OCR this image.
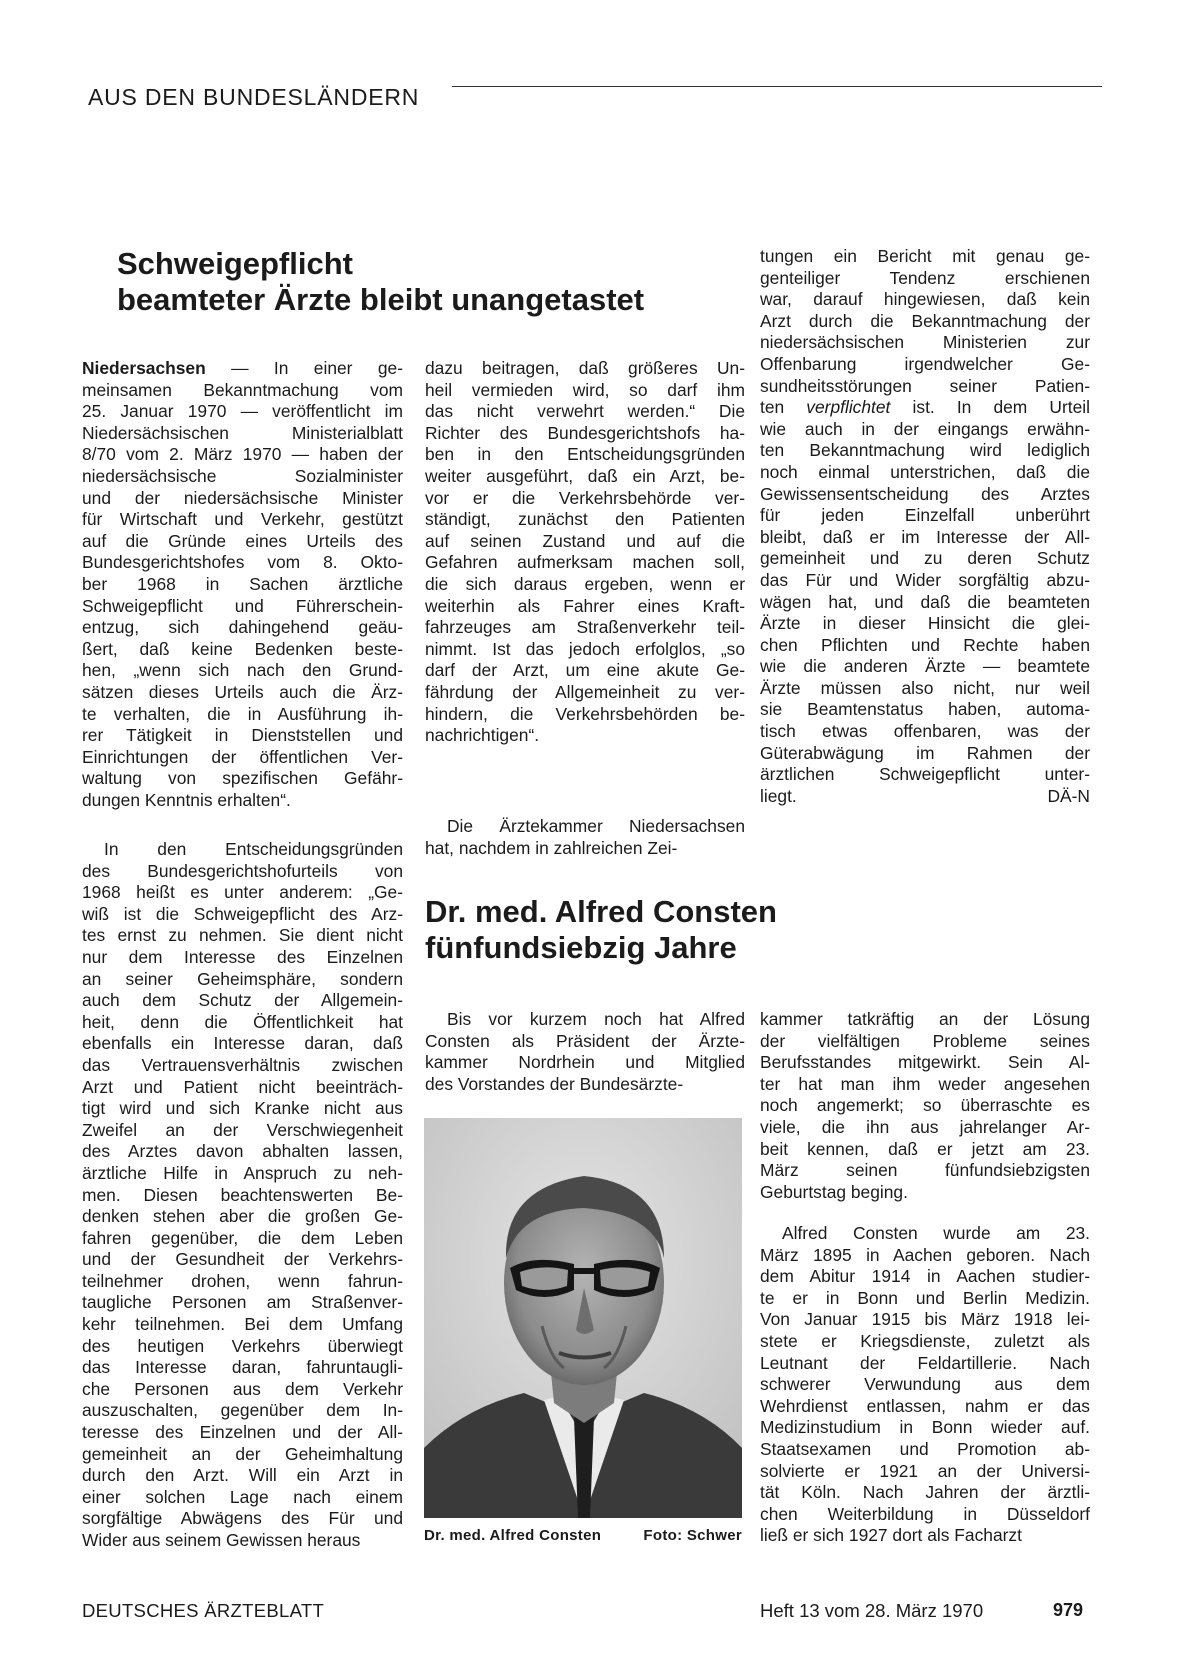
AUS DEN BUNDESLÄNDERN
Schweigepflicht
beamteter Ärzte bleibt unangetastet
Niedersachsen — In einer ge-
meinsamen Bekanntmachung vom
25. Januar 1970 — veröffentlicht im
Niedersächsischen Ministerialblatt
8/70 vom 2. März 1970 — haben der
niedersächsische Sozialminister
und der niedersächsische Minister
für Wirtschaft und Verkehr, gestützt
auf die Gründe eines Urteils des
Bundesgerichtshofes vom 8. Okto-
ber 1968 in Sachen ärztliche
Schweigepflicht und Führerschein-
entzug, sich dahingehend geäu-
ßert, daß keine Bedenken beste-
hen, „wenn sich nach den Grund-
sätzen dieses Urteils auch die Ärz-
te verhalten, die in Ausführung ih-
rer Tätigkeit in Dienststellen und
Einrichtungen der öffentlichen Ver-
waltung von spezifischen Gefähr-
dungen Kenntnis erhalten“.
In den Entscheidungsgründen
des Bundesgerichtshofurteils von
1968 heißt es unter anderem: „Ge-
wiß ist die Schweigepflicht des Arz-
tes ernst zu nehmen. Sie dient nicht
nur dem Interesse des Einzelnen
an seiner Geheimsphäre, sondern
auch dem Schutz der Allgemein-
heit, denn die Öffentlichkeit hat
ebenfalls ein Interesse daran, daß
das Vertrauensverhältnis zwischen
Arzt und Patient nicht beeinträch-
tigt wird und sich Kranke nicht aus
Zweifel an der Verschwiegenheit
des Arztes davon abhalten lassen,
ärztliche Hilfe in Anspruch zu neh-
men. Diesen beachtenswerten Be-
denken stehen aber die großen Ge-
fahren gegenüber, die dem Leben
und der Gesundheit der Verkehrs-
teilnehmer drohen, wenn fahrun-
taugliche Personen am Straßenver-
kehr teilnehmen. Bei dem Umfang
des heutigen Verkehrs überwiegt
das Interesse daran, fahruntaugli-
che Personen aus dem Verkehr
auszuschalten, gegenüber dem In-
teresse des Einzelnen und der All-
gemeinheit an der Geheimhaltung
durch den Arzt. Will ein Arzt in
einer solchen Lage nach einem
sorgfältige Abwägens des Für und
Wider aus seinem Gewissen heraus
dazu beitragen, daß größeres Un-
heil vermieden wird, so darf ihm
das nicht verwehrt werden.“ Die
Richter des Bundesgerichtshofs ha-
ben in den Entscheidungsgründen
weiter ausgeführt, daß ein Arzt, be-
vor er die Verkehrsbehörde ver-
ständigt, zunächst den Patienten
auf seinen Zustand und auf die
Gefahren aufmerksam machen soll,
die sich daraus ergeben, wenn er
weiterhin als Fahrer eines Kraft-
fahrzeuges am Straßenverkehr teil-
nimmt. Ist das jedoch erfolglos, „so
darf der Arzt, um eine akute Ge-
fährdung der Allgemeinheit zu ver-
hindern, die Verkehrsbehörden be-
nachrichtigen“.
Die Ärztekammer Niedersachsen
hat, nachdem in zahlreichen Zei-
tungen ein Bericht mit genau ge-
genteiliger Tendenz erschienen
war, darauf hingewiesen, daß kein
Arzt durch die Bekanntmachung der
niedersächsischen Ministerien zur
Offenbarung irgendwelcher Ge-
sundheitsstörungen seiner Patien-
ten verpflichtet ist. In dem Urteil
wie auch in der eingangs erwähn-
ten Bekanntmachung wird lediglich
noch einmal unterstrichen, daß die
Gewissensentscheidung des Arztes
für jeden Einzelfall unberührt
bleibt, daß er im Interesse der All-
gemeinheit und zu deren Schutz
das Für und Wider sorgfältig abzu-
wägen hat, und daß die beamteten
Ärzte in dieser Hinsicht die glei-
chen Pflichten und Rechte haben
wie die anderen Ärzte — beamtete
Ärzte müssen also nicht, nur weil
sie Beamtenstatus haben, automa-
tisch etwas offenbaren, was der
Güterabwägung im Rahmen der
ärztlichen Schweigepflicht unter-
liegt.	DÄ-N
Dr. med. Alfred Consten
fünfundsiebzig Jahre
Bis vor kurzem noch hat Alfred
Consten als Präsident der Ärzte-
kammer Nordrhein und Mitglied
des Vorstandes der Bundesärzte-
Dr. med. Alfred Consten	Foto: Schwer
kammer tatkräftig an der Lösung
der vielfältigen Probleme seines
Berufsstandes mitgewirkt. Sein Al-
ter hat man ihm weder angesehen
noch angemerkt; so überraschte es
viele, die ihn aus jahrelanger Ar-
beit kennen, daß er jetzt am 23.
März seinen fünfundsiebzigsten
Geburtstag beging.
Alfred Consten wurde am 23.
März 1895 in Aachen geboren. Nach
dem Abitur 1914 in Aachen studier-
te er in Bonn und Berlin Medizin.
Von Januar 1915 bis März 1918 lei-
stete er Kriegsdienste, zuletzt als
Leutnant der Feldartillerie. Nach
schwerer Verwundung aus dem
Wehrdienst entlassen, nahm er das
Medizinstudium in Bonn wieder auf.
Staatsexamen und Promotion ab-
solvierte er 1921 an der Universi-
tät Köln. Nach Jahren der ärztli-
chen Weiterbildung in Düsseldorf
ließ er sich 1927 dort als Facharzt
DEUTSCHES ÄRZTEBLATT	Heft 13 vom 28. März 1970	979
